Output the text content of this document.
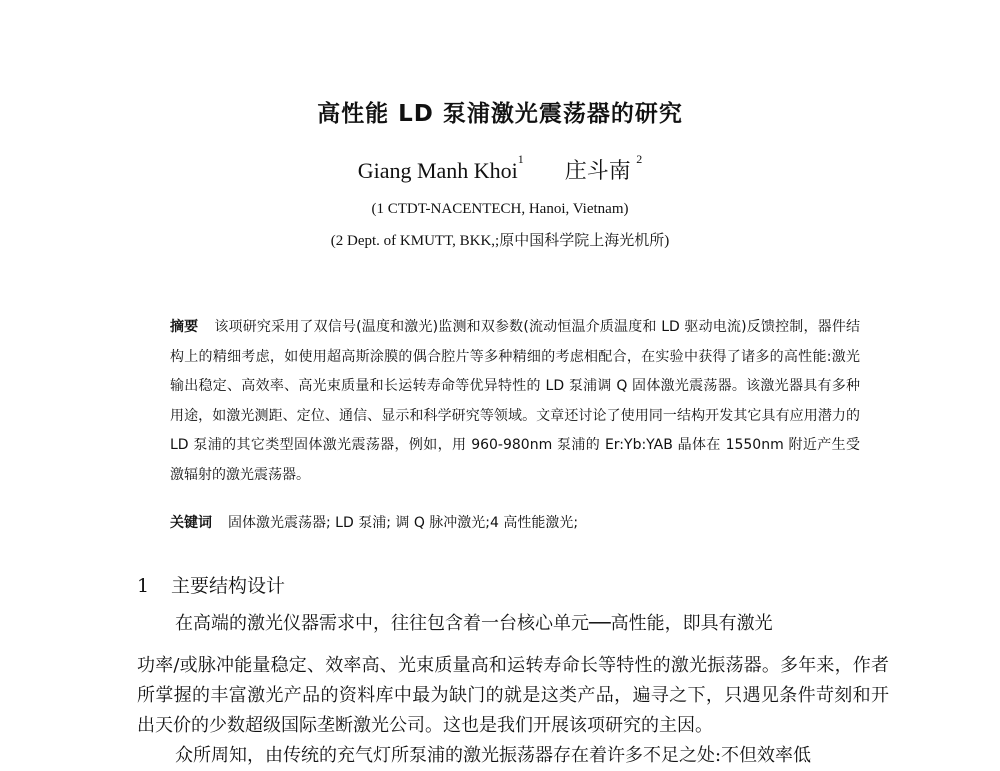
高性能 LD 泵浦激光震荡器的研究
Giang Manh Khoi$^1$ 庄斗南 $^2$
(1 CTDT-NACENTECH, Hanoi, Vietnam)
(2 Dept. of KMUTT, BKK,;原中国科学院上海光机所)

摘要 该项研究采用了双信号(温度和激光)监测和双参数(流动恒温介质温度和 LD 驱动电流)反馈控制，器件结构上的精细考虑，如使用超高斯涂膜的偶合腔片等多种精细的考虑相配合，在实验中获得了诸多的高性能:激光输出稳定、高效率、高光束质量和长运转寿命等优异特性的 LD 泵浦调 Q 固体激光震荡器。该激光器具有多种用途，如激光测距、定位、通信、显示和科学研究等领域。文章还讨论了使用同一结构开发其它具有应用潜力的 LD 泵浦的其它类型固体激光震荡器，例如，用 960-980nm 泵浦的 Er:Yb:YAB 晶体在 1550nm 附近产生受激辐射的激光震荡器。

关键词 固体激光震荡器; LD 泵浦; 调 Q 脉冲激光;4 高性能激光;
1 主要结构设计
在高端的激光仪器需求中，往往包含着一台核心单元──高性能，即具有激光
功率/或脉冲能量稳定、效率高、光束质量高和运转寿命长等特性的激光振荡器。多年来，作者所掌握的丰富激光产品的资料库中最为缺门的就是这类产品，遍寻之下，只遇见条件苛刻和开出天价的少数超级国际垄断激光公司。这也是我们开展该项研究的主因。
众所周知，由传统的充气灯所泵浦的激光振荡器存在着许多不足之处:不但效率低
